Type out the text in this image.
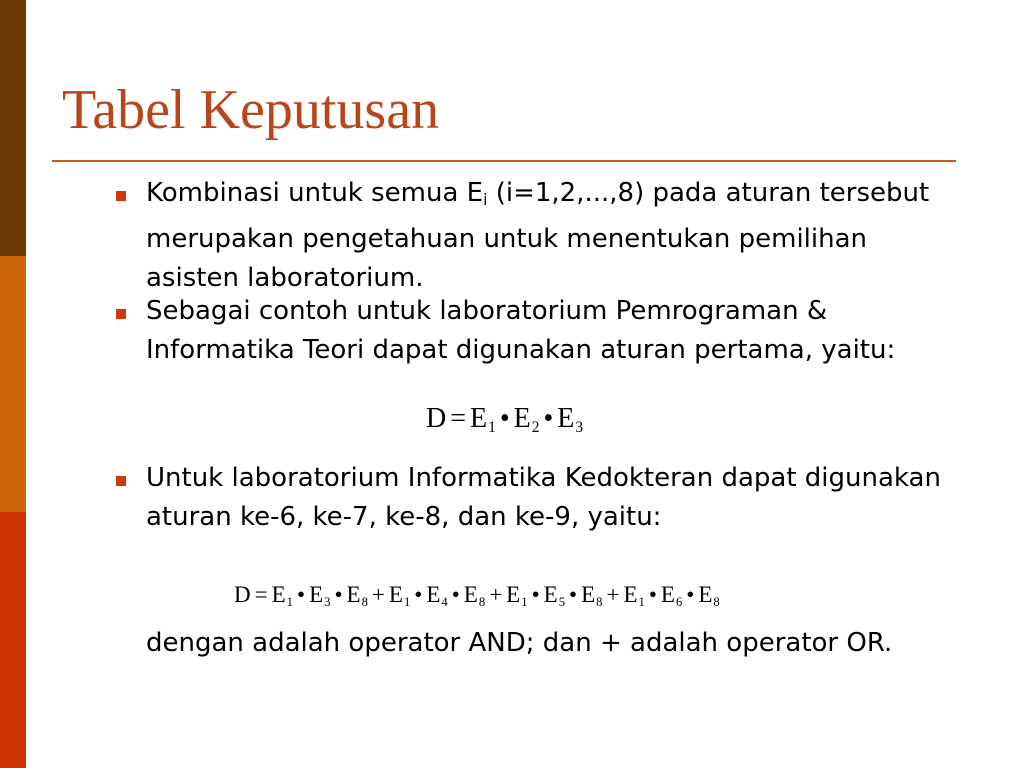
Tabel Keputusan

Kombinasi untuk semua $E_i$ (i=1,2,...,8) pada aturan tersebut merupakan pengetahuan untuk menentukan pemilihan asisten laboratorium.

Sebagai contoh untuk laboratorium Pemrograman & Informatika Teori dapat digunakan aturan pertama, yaitu:

$D = E_1$ • $E_2$ • $E_3$

Untuk laboratorium Informatika Kedokteran dapat digunakan aturan ke-6, ke-7, ke-8, dan ke-9, yaitu:

$D = E_1$ • $E_3$ • $E_8 + E_1$ • $E_4$ • $E_8 + E_1$ • $E_5$ • $E_8 + E_1$ • $E_6$ • $E_8$

dengan adalah operator AND; dan + adalah operator OR.
